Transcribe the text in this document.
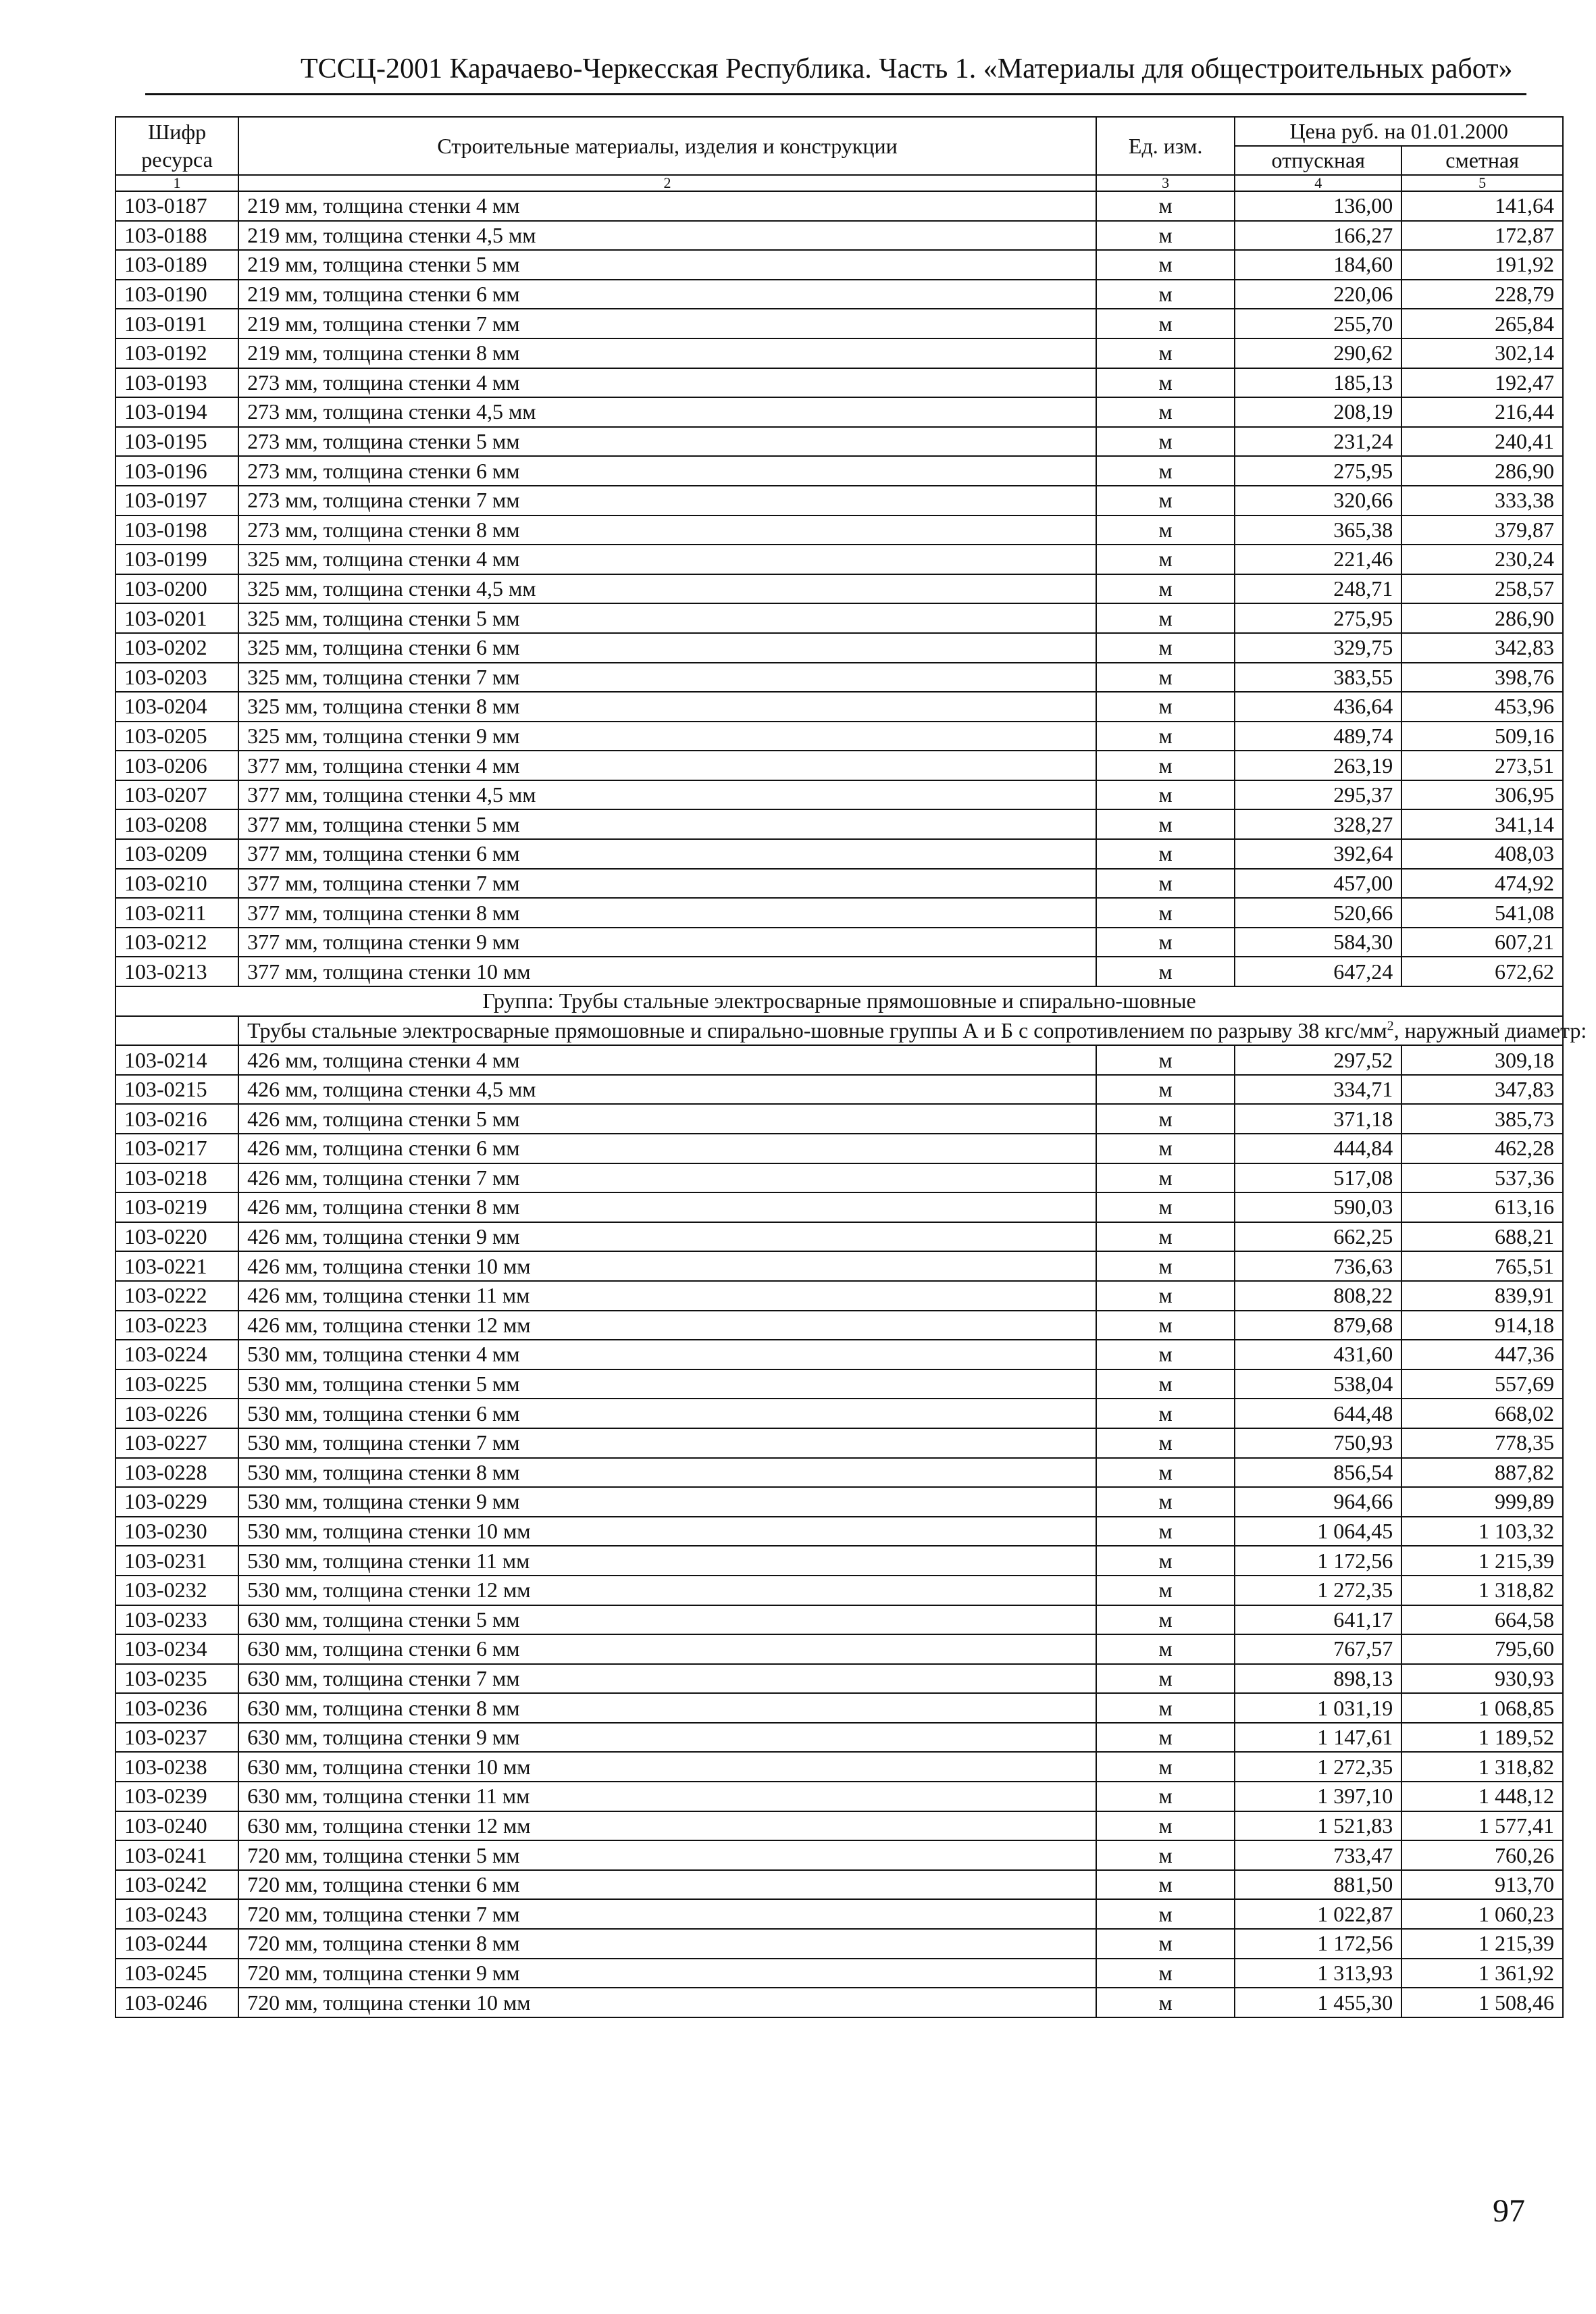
ТССЦ-2001 Карачаево-Черкесская Республика. Часть 1. «Материалы для общестроительных работ»
Шифр ресурса	Строительные материалы, изделия и конструкции	Ед. изм.	Цена руб. на 01.01.2000	
			отпускная	сметная
1	2	3	4	5
103-0187	219 мм, толщина стенки 4 мм	м	136,00	141,64
103-0188	219 мм, толщина стенки 4,5 мм	м	166,27	172,87
103-0189	219 мм, толщина стенки 5 мм	м	184,60	191,92
103-0190	219 мм, толщина стенки 6 мм	м	220,06	228,79
103-0191	219 мм, толщина стенки 7 мм	м	255,70	265,84
103-0192	219 мм, толщина стенки 8 мм	м	290,62	302,14
103-0193	273 мм, толщина стенки 4 мм	м	185,13	192,47
103-0194	273 мм, толщина стенки 4,5 мм	м	208,19	216,44
103-0195	273 мм, толщина стенки 5 мм	м	231,24	240,41
103-0196	273 мм, толщина стенки 6 мм	м	275,95	286,90
103-0197	273 мм, толщина стенки 7 мм	м	320,66	333,38
103-0198	273 мм, толщина стенки 8 мм	м	365,38	379,87
103-0199	325 мм, толщина стенки 4 мм	м	221,46	230,24
103-0200	325 мм, толщина стенки 4,5 мм	м	248,71	258,57
103-0201	325 мм, толщина стенки 5 мм	м	275,95	286,90
103-0202	325 мм, толщина стенки 6 мм	м	329,75	342,83
103-0203	325 мм, толщина стенки 7 мм	м	383,55	398,76
103-0204	325 мм, толщина стенки 8 мм	м	436,64	453,96
103-0205	325 мм, толщина стенки 9 мм	м	489,74	509,16
103-0206	377 мм, толщина стенки 4 мм	м	263,19	273,51
103-0207	377 мм, толщина стенки 4,5 мм	м	295,37	306,95
103-0208	377 мм, толщина стенки 5 мм	м	328,27	341,14
103-0209	377 мм, толщина стенки 6 мм	м	392,64	408,03
103-0210	377 мм, толщина стенки 7 мм	м	457,00	474,92
103-0211	377 мм, толщина стенки 8 мм	м	520,66	541,08
103-0212	377 мм, толщина стенки 9 мм	м	584,30	607,21
103-0213	377 мм, толщина стенки 10 мм	м	647,24	672,62
Группа: Трубы стальные электросварные прямошовные и спирально-шовные				
	Трубы стальные электросварные прямошовные и спирально-шовные группы А и Б с сопротивлением по разрыву 38 кгс/$мм^2$, наружный диаметр:			
103-0214	426 мм, толщина стенки 4 мм	м	297,52	309,18
103-0215	426 мм, толщина стенки 4,5 мм	м	334,71	347,83
103-0216	426 мм, толщина стенки 5 мм	м	371,18	385,73
103-0217	426 мм, толщина стенки 6 мм	м	444,84	462,28
103-0218	426 мм, толщина стенки 7 мм	м	517,08	537,36
103-0219	426 мм, толщина стенки 8 мм	м	590,03	613,16
103-0220	426 мм, толщина стенки 9 мм	м	662,25	688,21
103-0221	426 мм, толщина стенки 10 мм	м	736,63	765,51
103-0222	426 мм, толщина стенки 11 мм	м	808,22	839,91
103-0223	426 мм, толщина стенки 12 мм	м	879,68	914,18
103-0224	530 мм, толщина стенки 4 мм	м	431,60	447,36
103-0225	530 мм, толщина стенки 5 мм	м	538,04	557,69
103-0226	530 мм, толщина стенки 6 мм	м	644,48	668,02
103-0227	530 мм, толщина стенки 7 мм	м	750,93	778,35
103-0228	530 мм, толщина стенки 8 мм	м	856,54	887,82
103-0229	530 мм, толщина стенки 9 мм	м	964,66	999,89
103-0230	530 мм, толщина стенки 10 мм	м	1 064,45	1 103,32
103-0231	530 мм, толщина стенки 11 мм	м	1 172,56	1 215,39
103-0232	530 мм, толщина стенки 12 мм	м	1 272,35	1 318,82
103-0233	630 мм, толщина стенки 5 мм	м	641,17	664,58
103-0234	630 мм, толщина стенки 6 мм	м	767,57	795,60
103-0235	630 мм, толщина стенки 7 мм	м	898,13	930,93
103-0236	630 мм, толщина стенки 8 мм	м	1 031,19	1 068,85
103-0237	630 мм, толщина стенки 9 мм	м	1 147,61	1 189,52
103-0238	630 мм, толщина стенки 10 мм	м	1 272,35	1 318,82
103-0239	630 мм, толщина стенки 11 мм	м	1 397,10	1 448,12
103-0240	630 мм, толщина стенки 12 мм	м	1 521,83	1 577,41
103-0241	720 мм, толщина стенки 5 мм	м	733,47	760,26
103-0242	720 мм, толщина стенки 6 мм	м	881,50	913,70
103-0243	720 мм, толщина стенки 7 мм	м	1 022,87	1 060,23
103-0244	720 мм, толщина стенки 8 мм	м	1 172,56	1 215,39
103-0245	720 мм, толщина стенки 9 мм	м	1 313,93	1 361,92
103-0246	720 мм, толщина стенки 10 мм	м	1 455,30	1 508,46
97
